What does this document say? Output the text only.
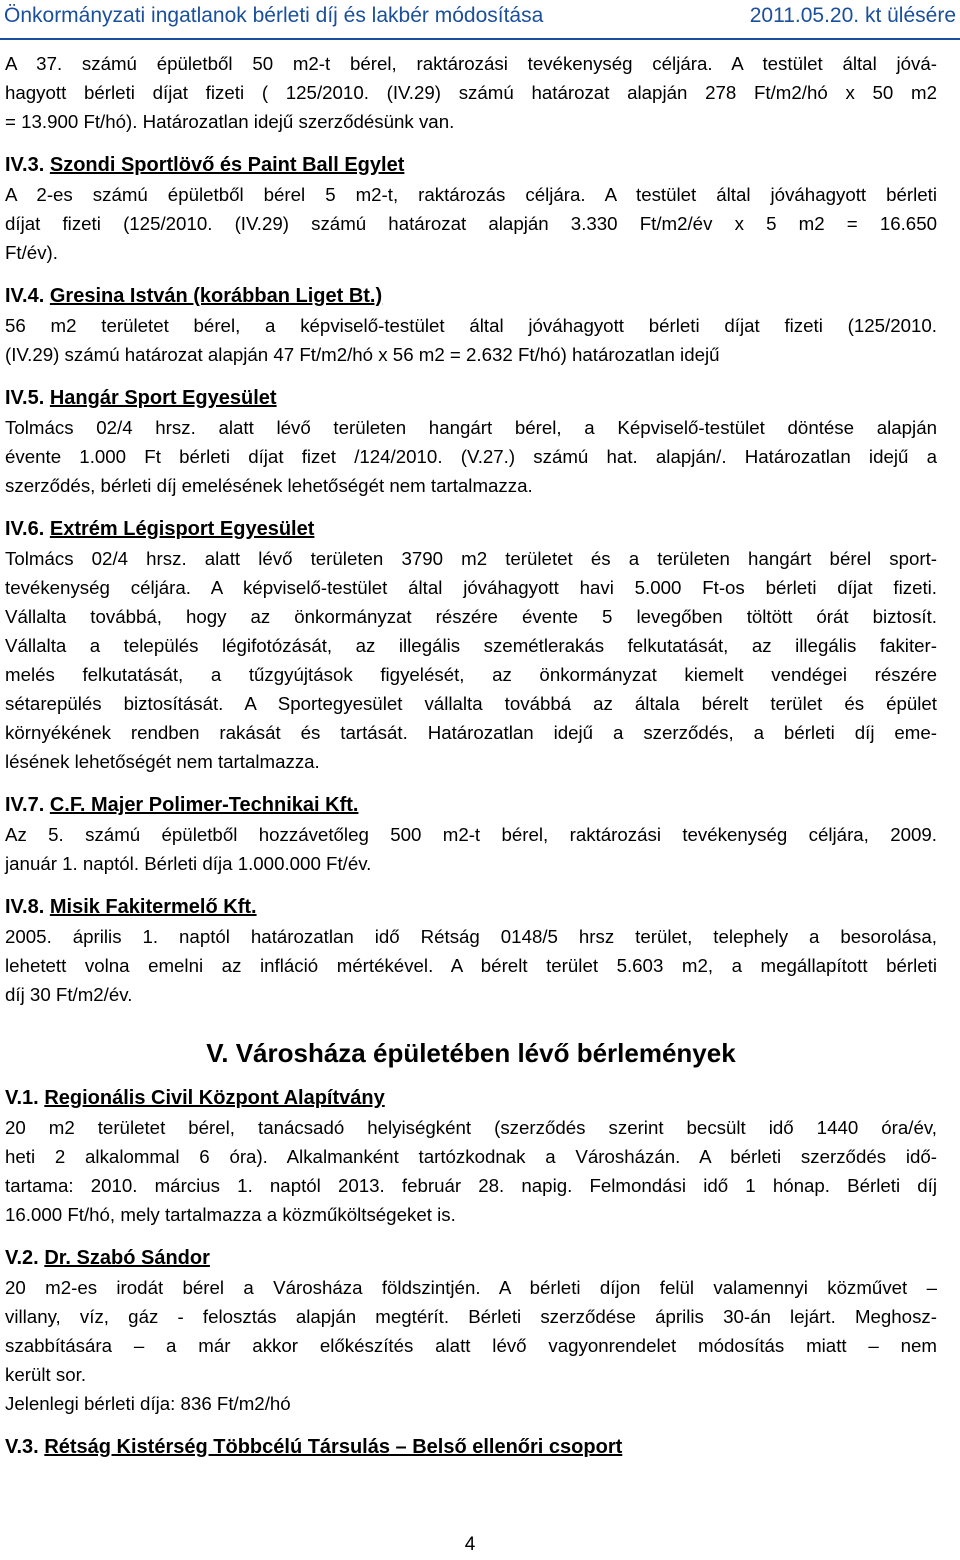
Önkormányzati ingatlanok bérleti díj és lakbér módosítása	2011.05.20. kt ülésére

A 37. számú épületből 50 m2-t bérel, raktározási tevékenység céljára. A testület által jóvá-
hagyott bérleti díjat fizeti ( 125/2010. (IV.29) számú határozat alapján 278 Ft/m2/hó x 50 m2
= 13.900 Ft/hó). Határozatlan idejű szerződésünk van.

IV.3. Szondi Sportlövő és Paint Ball Egylet

A 2-es számú épületből bérel 5 m2-t, raktározás céljára. A testület által jóváhagyott bérleti
díjat fizeti (125/2010. (IV.29) számú határozat alapján 3.330 Ft/m2/év x 5 m2 = 16.650
Ft/év).

IV.4. Gresina István (korábban Liget Bt.)

56 m2 területet bérel, a képviselő-testület által jóváhagyott bérleti díjat fizeti (125/2010.
(IV.29) számú határozat alapján 47 Ft/m2/hó x 56 m2 = 2.632 Ft/hó) határozatlan idejű

IV.5. Hangár Sport Egyesület

Tolmács 02/4 hrsz. alatt lévő területen hangárt bérel, a Képviselő-testület döntése alapján
évente 1.000 Ft bérleti díjat fizet /124/2010. (V.27.) számú hat. alapján/. Határozatlan idejű a
szerződés, bérleti díj emelésének lehetőségét nem tartalmazza.

IV.6. Extrém Légisport Egyesület

Tolmács 02/4 hrsz. alatt lévő területen 3790 m2 területet és a területen hangárt bérel sport-
tevékenység céljára. A képviselő-testület által jóváhagyott havi 5.000 Ft-os bérleti díjat fizeti.
Vállalta továbbá, hogy az önkormányzat részére évente 5 levegőben töltött órát biztosít.
Vállalta a település légifotózását, az illegális szemétlerakás felkutatását, az illegális fakiter-
melés felkutatását, a tűzgyújtások figyelését, az önkormányzat kiemelt vendégei részére
sétarepülés biztosítását. A Sportegyesület vállalta továbbá az általa bérelt terület és épület
környékének rendben rakását és tartását. Határozatlan idejű a szerződés, a bérleti díj eme-
lésének lehetőségét nem tartalmazza.

IV.7. C.F. Majer Polimer-Technikai Kft.

Az 5. számú épületből hozzávetőleg 500 m2-t bérel, raktározási tevékenység céljára, 2009.
január 1. naptól. Bérleti díja 1.000.000 Ft/év.

IV.8. Misik Fakitermelő Kft.

2005. április 1. naptól határozatlan idő Rétság 0148/5 hrsz terület, telephely a besorolása,
lehetett volna emelni az infláció mértékével. A bérelt terület 5.603 m2, a megállapított bérleti
díj 30 Ft/m2/év.

V. Városháza épületében lévő bérlemények
V.1. Regionális Civil Központ Alapítvány

20 m2 területet bérel, tanácsadó helyiségként (szerződés szerint becsült idő 1440 óra/év,
heti 2 alkalommal 6 óra). Alkalmanként tartózkodnak a Városházán. A bérleti szerződés idő-
tartama: 2010. március 1. naptól 2013. február 28. napig. Felmondási idő 1 hónap. Bérleti díj
16.000 Ft/hó, mely tartalmazza a közműköltségeket is.

V.2. Dr. Szabó Sándor

20 m2-es irodát bérel a Városháza földszintjén. A bérleti díjon felül valamennyi közművet –
villany, víz, gáz - felosztás alapján megtérít. Bérleti szerződése április 30-án lejárt. Meghosz-
szabbítására – a már akkor előkészítés alatt lévő vagyonrendelet módosítás miatt – nem
került sor.
Jelenlegi bérleti díja: 836 Ft/m2/hó

V.3. Rétság Kistérség Többcélú Társulás – Belső ellenőri csoport
4
